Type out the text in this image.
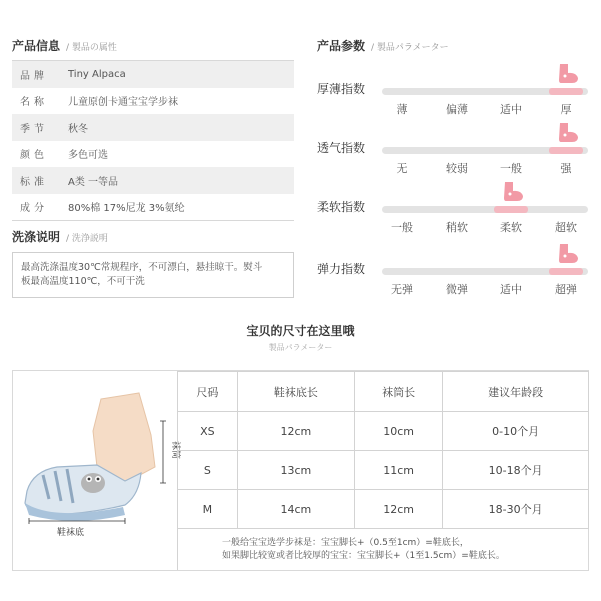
产品信息 / 製品の属性
品牌	Tiny Alpaca
名称	儿童原创卡通宝宝学步袜
季节	秋冬
颜色	多色可选
标准	A类 一等品
成分	80%棉 17%尼龙 3%氨纶
洗涤说明 / 洗浄説明
最高洗涤温度30℃常规程序，不可漂白，悬挂晾干。熨斗
板最高温度110℃，不可干洗
产品参数 / 製品パラメーター
厚薄指数
薄	偏薄	适中	厚
透气指数
无	较弱	一般	强
柔软指数
一般	稍软	柔软	超软
弹力指数
无弹	微弹	适中	超弹
宝贝的尺寸在这里哦
製品パラメーター
鞋袜底
袜筒
尺码	鞋袜底长	袜筒长	建议年龄段
XS	12cm	10cm	0-10个月
S	13cm	11cm	10-18个月
M	14cm	12cm	18-30个月
一般给宝宝选学步袜是：宝宝脚长+（0.5至1cm）=鞋底长，
如果脚比较宽或者比较厚的宝宝：宝宝脚长+（1至1.5cm）=鞋底长。
